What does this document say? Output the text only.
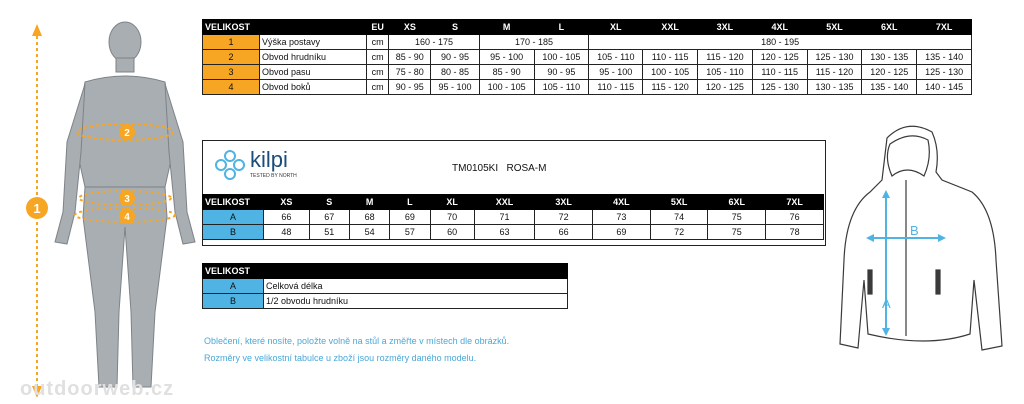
1
2
3
4
VELIKOST		EU	XS	S	M	L	XL	XXL	3XL	4XL	5XL	6XL	7XL
1	Výška postavy	cm	160 - 175		170 - 185		180 - 195						
2	Obvod hrudníku	cm	85 - 90	90 - 95	95 - 100	100 - 105	105 - 110	110 - 115	115 - 120	120 - 125	125 - 130	130 - 135	135 - 140
3	Obvod pasu	cm	75 - 80	80 - 85	85 - 90	90 - 95	95 - 100	100 - 105	105 - 110	110 - 115	115 - 120	120 - 125	125 - 130
4	Obvod boků	cm	90 - 95	95 - 100	100 - 105	105 - 110	110 - 115	115 - 120	120 - 125	125 - 130	130 - 135	135 - 140	140 - 145
kilpi
TESTED BY NORTH
TM0105KI   ROSA-M
VELIKOST	XS	S	M	L	XL	XXL	3XL	4XL	5XL	6XL	7XL
A	66	67	68	69	70	71	72	73	74	75	76
B	48	51	54	57	60	63	66	69	72	75	78
VELIKOST	
A	Celková délka
B	1/2 obvodu hrudníku
Oblečení, které nosíte, položte volně na stůl a změřte v místech dle obrázků.
Rozměry ve velikostní tabulce u zboží jsou rozměry daného modelu.
outdoorweb.cz
B
A
